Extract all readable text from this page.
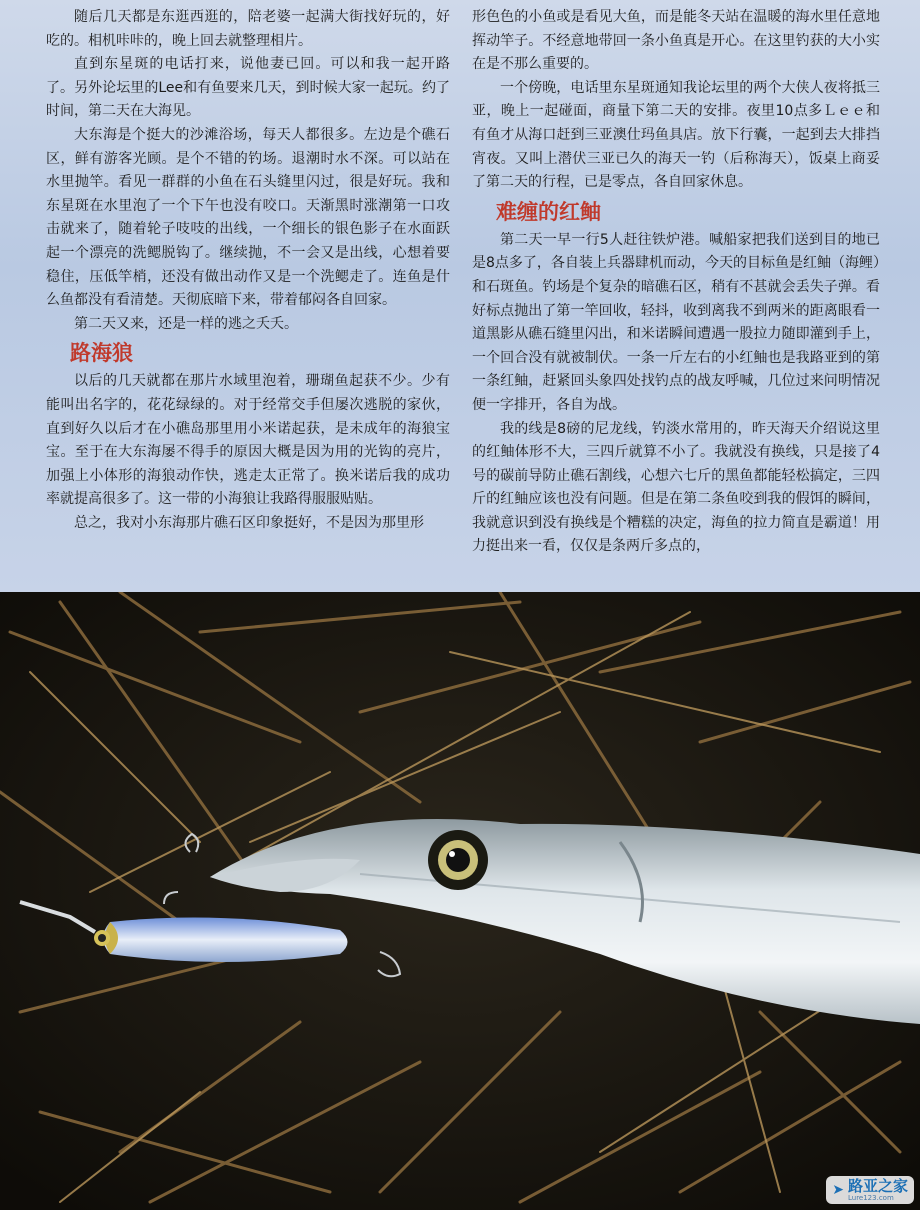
随后几天都是东逛西逛的，陪老婆一起满大街找好玩的，好吃的。相机咔咔的，晚上回去就整理相片。

直到东星斑的电话打来，说他妻已回。可以和我一起开路了。另外论坛里的Lee和有鱼要来几天，到时候大家一起玩。约了时间，第二天在大海见。

大东海是个挺大的沙滩浴场，每天人都很多。左边是个礁石区，鲜有游客光顾。是个不错的钓场。退潮时水不深。可以站在水里抛竿。看见一群群的小鱼在石头缝里闪过，很是好玩。我和东星斑在水里泡了一个下午也没有咬口。天渐黑时涨潮第一口攻击就来了，随着轮子吱吱的出线，一个细长的银色影子在水面跃起一个漂亮的洗鳃脱钩了。继续抛，不一会又是出线，心想着要稳住，压低竿梢，还没有做出动作又是一个洗鳃走了。连鱼是什么鱼都没有看清楚。天彻底暗下来，带着郁闷各自回家。

第二天又来，还是一样的逃之夭夭。

路海狼

以后的几天就都在那片水域里泡着，珊瑚鱼起获不少。少有能叫出名字的，花花绿绿的。对于经常交手但屡次逃脱的家伙，直到好久以后才在小礁岛那里用小米诺起获，是未成年的海狼宝宝。至于在大东海屡不得手的原因大概是因为用的光钩的亮片，加强上小体形的海狼动作快，逃走太正常了。换米诺后我的成功率就提高很多了。这一带的小海狼让我路得服服贴贴。

总之，我对小东海那片礁石区印象挺好，不是因为那里形

形色色的小鱼或是看见大鱼，而是能冬天站在温暖的海水里任意地挥动竿子。不经意地带回一条小鱼真是开心。在这里钓获的大小实在是不那么重要的。

一个傍晚，电话里东星斑通知我论坛里的两个大侠人夜将抵三亚，晚上一起碰面，商量下第二天的安排。夜里10点多Ｌｅｅ和有鱼才从海口赶到三亚澳仕玛鱼具店。放下行囊，一起到去大排挡宵夜。又叫上潜伏三亚已久的海天一钓（后称海天），饭桌上商妥了第二天的行程，已是零点，各自回家休息。

难缠的红鲉

第二天一早一行5人赶往铁炉港。喊船家把我们送到目的地已是8点多了，各自装上兵器肆机而动，今天的目标鱼是红鲉（海鲤）和石斑鱼。钓场是个复杂的暗礁石区，稍有不甚就会丢失子弹。看好标点抛出了第一竿回收，轻抖，收到离我不到两米的距离眼看一道黑影从礁石缝里闪出，和米诺瞬间遭遇一股拉力随即灌到手上，一个回合没有就被制伏。一条一斤左右的小红鲉也是我路亚到的第一条红鲉，赶紧回头象四处找钓点的战友呼喊，几位过来问明情况便一字排开，各自为战。

我的线是8磅的尼龙线，钓淡水常用的，昨天海天介绍说这里的红鲉体形不大，三四斤就算不小了。我就没有换线，只是接了4号的碳前导防止礁石割线，心想六七斤的黑鱼都能轻松搞定，三四斤的红鲉应该也没有问题。但是在第二条鱼咬到我的假饵的瞬间，我就意识到没有换线是个糟糕的决定，海鱼的拉力简直是霸道！用力挺出来一看，仅仅是条两斤多点的，

➤ 路亚之家
Lure123.com
